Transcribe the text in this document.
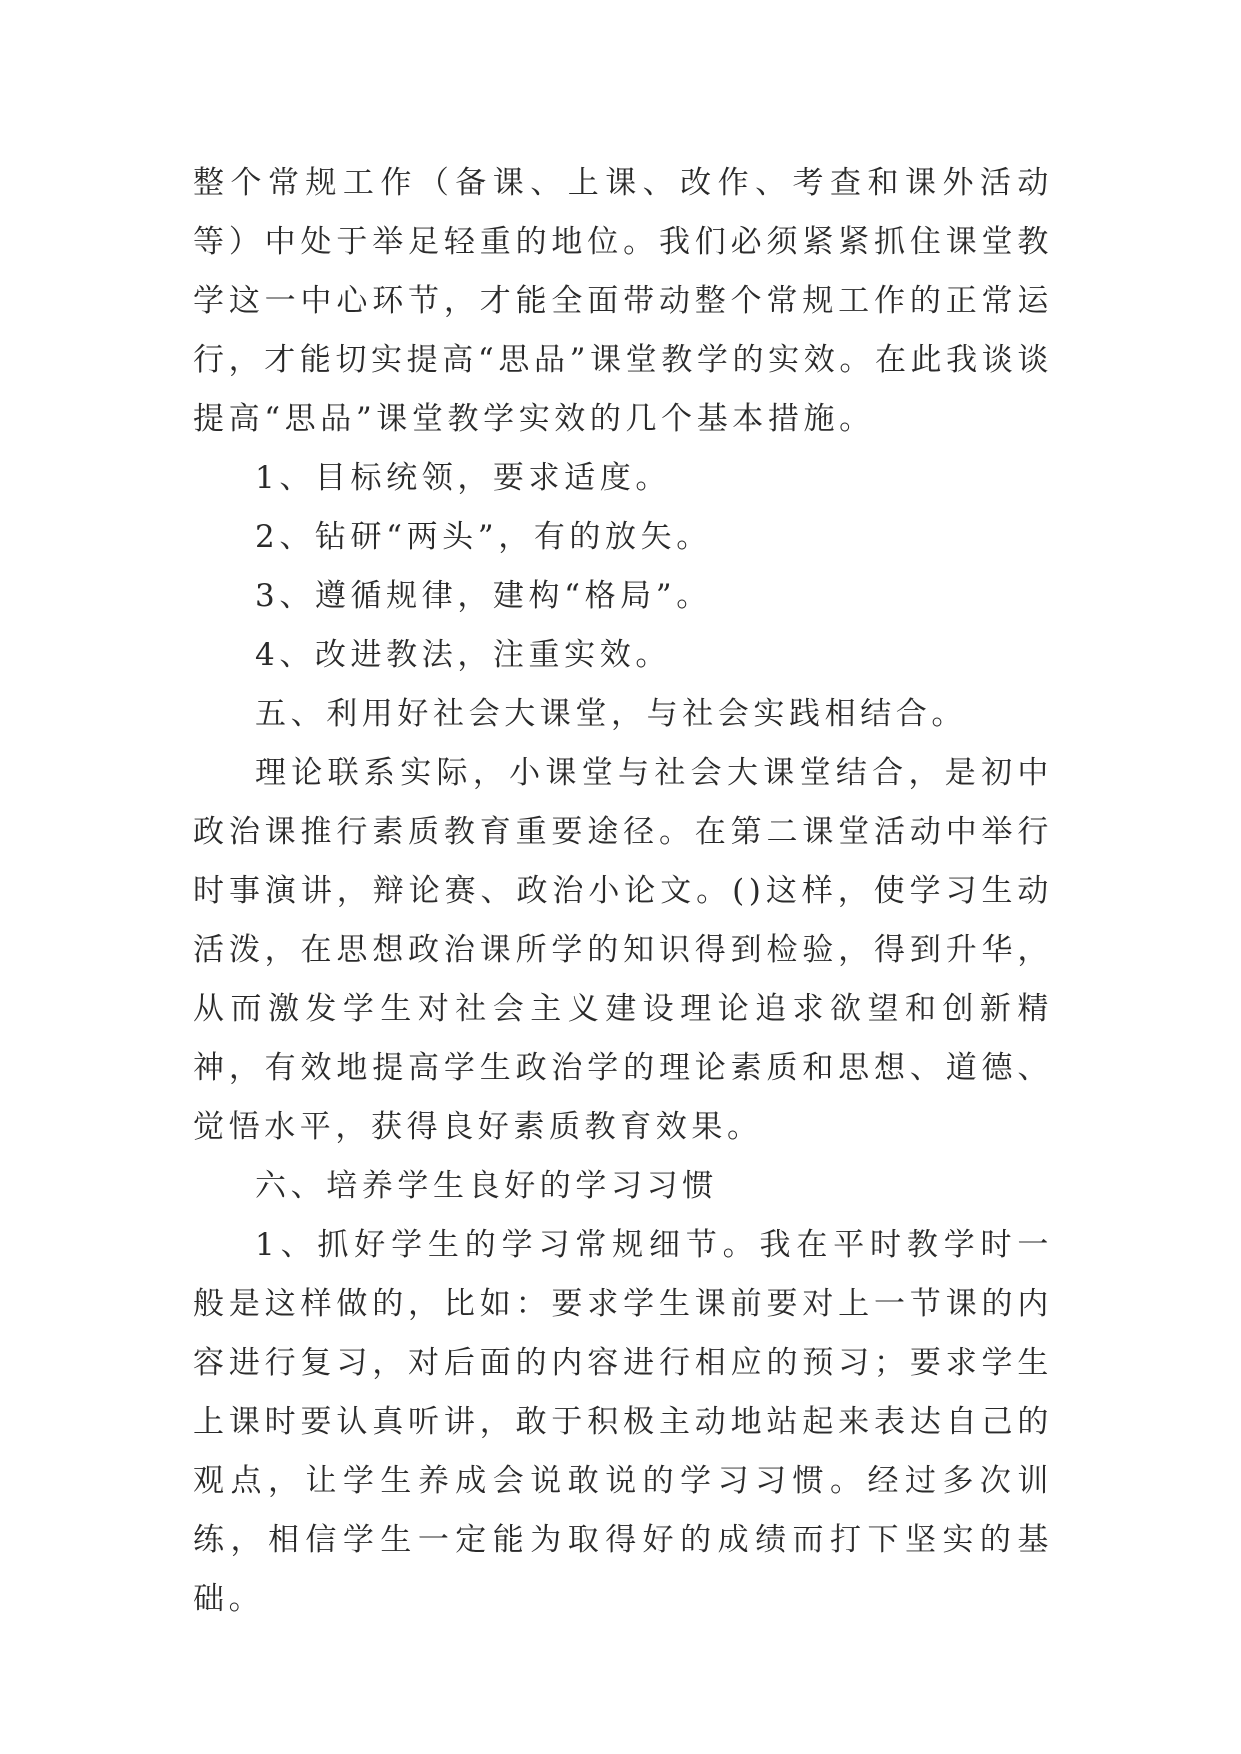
整个常规工作（备课、上课、改作、考查和课外活动等）中处于举足轻重的地位。我们必须紧紧抓住课堂教学这一中心环节，才能全面带动整个常规工作的正常运行，才能切实提高“思品”课堂教学的实效。在此我谈谈提高“思品”课堂教学实效的几个基本措施。

1、目标统领，要求适度。

2、钻研“两头”，有的放矢。

3、遵循规律，建构“格局”。

4、改进教法，注重实效。

五、利用好社会大课堂，与社会实践相结合。

理论联系实际，小课堂与社会大课堂结合，是初中政治课推行素质教育重要途径。在第二课堂活动中举行时事演讲，辩论赛、政治小论文。()这样，使学习生动活泼，在思想政治课所学的知识得到检验，得到升华，从而激发学生对社会主义建设理论追求欲望和创新精神，有效地提高学生政治学的理论素质和思想、道德、觉悟水平，获得良好素质教育效果。

六、培养学生良好的学习习惯

1、抓好学生的学习常规细节。我在平时教学时一般是这样做的，比如：要求学生课前要对上一节课的内容进行复习，对后面的内容进行相应的预习；要求学生上课时要认真听讲，敢于积极主动地站起来表达自己的观点，让学生养成会说敢说的学习习惯。经过多次训练，相信学生一定能为取得好的成绩而打下坚实的基础。
